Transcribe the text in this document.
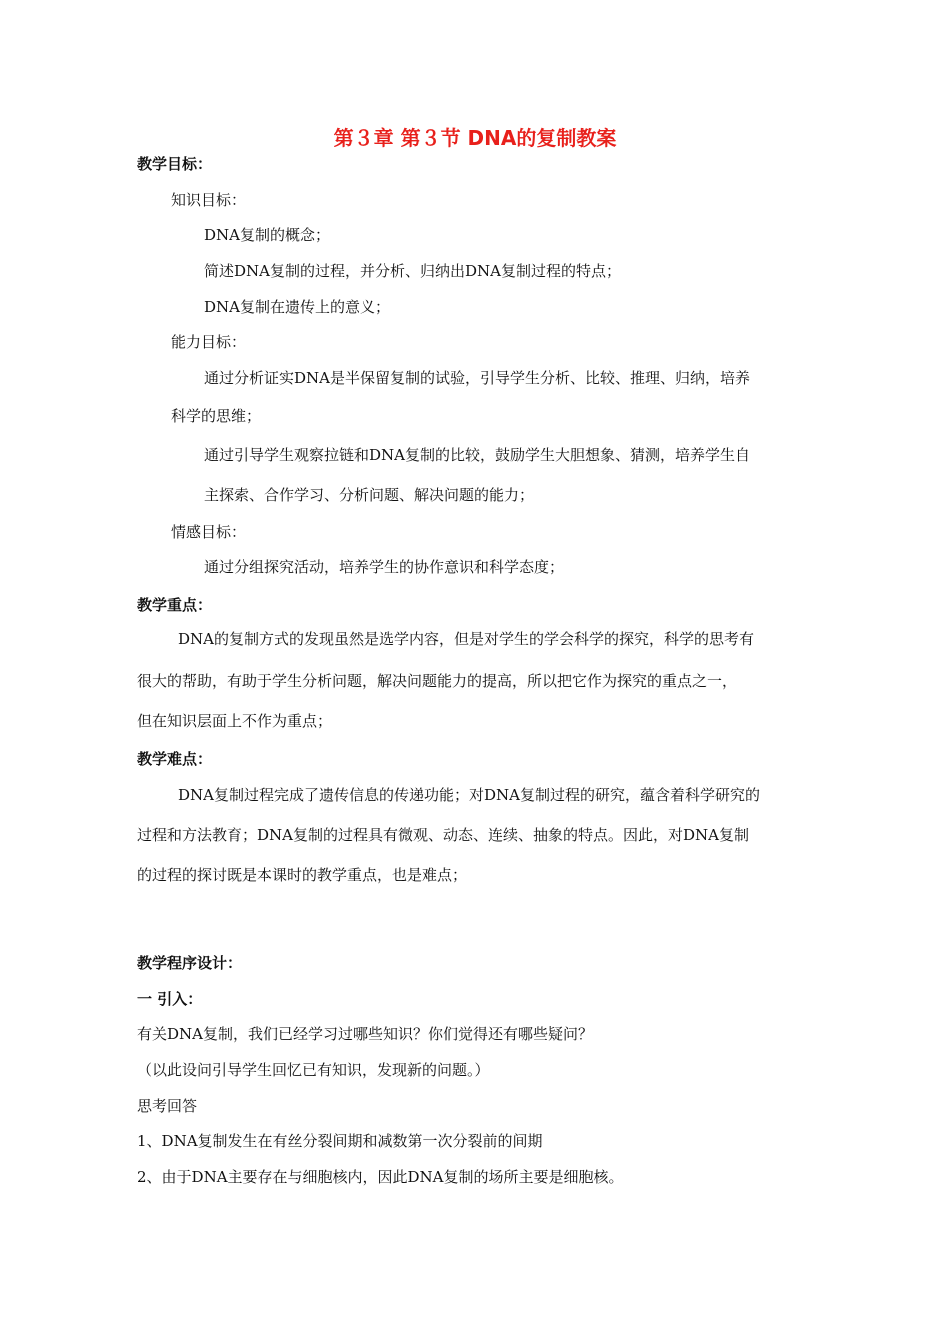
第３章 第３节 DNA的复制教案
教学目标：
知识目标：
DNA复制的概念；
简述DNA复制的过程，并分析、归纳出DNA复制过程的特点；
DNA复制在遗传上的意义；
能力目标：
通过分析证实DNA是半保留复制的试验，引导学生分析、比较、推理、归纳，培养
科学的思维；
通过引导学生观察拉链和DNA复制的比较，鼓励学生大胆想象、猜测，培养学生自
主探索、合作学习、分析问题、解决问题的能力；
情感目标：
通过分组探究活动，培养学生的协作意识和科学态度；
教学重点：
DNA的复制方式的发现虽然是选学内容，但是对学生的学会科学的探究，科学的思考有
很大的帮助，有助于学生分析问题，解决问题能力的提高，所以把它作为探究的重点之一，
但在知识层面上不作为重点；
教学难点：
DNA复制过程完成了遗传信息的传递功能；对DNA复制过程的研究，蕴含着科学研究的
过程和方法教育；DNA复制的过程具有微观、动态、连续、抽象的特点。因此，对DNA复制
的过程的探讨既是本课时的教学重点，也是难点；
教学程序设计：
一 引入：
有关DNA复制，我们已经学习过哪些知识？你们觉得还有哪些疑问？
（以此设问引导学生回忆已有知识，发现新的问题。）
思考回答
1、DNA复制发生在有丝分裂间期和减数第一次分裂前的间期
2、由于DNA主要存在与细胞核内，因此DNA复制的场所主要是细胞核。
